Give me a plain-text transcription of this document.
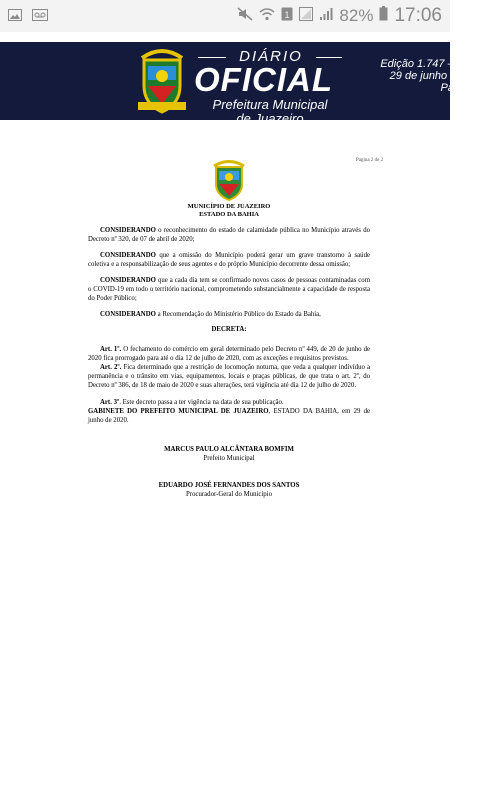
1	82% 17:06
DIÁRIO
OFICIAL
Prefeitura Municipal
de Juazeiro
Edição 1.747 — Ano 8
29 de junho de 2020
Página 12
Página 2 de 2
MUNICÍPIO DE JUAZEIRO
ESTADO DA BAHIA

CONSIDERANDO o reconhecimento do estado de calamidade pública no Município através do Decreto nº 320, de 07 de abril de 2020;

CONSIDERANDO que a omissão do Município poderá gerar um grave transtorno à saúde coletiva e a responsabilização de seus agentes e do próprio Município decorrente dessa omissão;

CONSIDERANDO que a cada dia tem se confirmado novos casos de pessoas contaminadas com o COVID-19 em todo o território nacional, comprometendo substancialmente a capacidade de resposta do Poder Público;

CONSIDERANDO a Recomendação do Ministério Público do Estado da Bahia,

DECRETA:

Art. 1º. O fechamento do comércio em geral determinado pelo Decreto nº 449, de 20 de junho de 2020 fica prorrogado para até o dia 12 de julho de 2020, com as exceções e requisitos previstos.

Art. 2º. Fica determinado que a restrição de locomoção noturna, que veda a qualquer indivíduo a permanência e o trânsito em vias, equipamentos, locais e praças públicas, de que trata o art. 2º, do Decreto nº 386, de 18 de maio de 2020 e suas alterações, terá vigência até dia 12 de julho de 2020.

Art. 3º. Este decreto passa a ter vigência na data de sua publicação.

GABINETE DO PREFEITO MUNICIPAL DE JUAZEIRO, ESTADO DA BAHIA, em 29 de junho de 2020.

MARCUS PAULO ALCÂNTARA BOMFIM
Prefeito Municipal
EDUARDO JOSÉ FERNANDES DOS SANTOS
Procurador-Geral do Município
